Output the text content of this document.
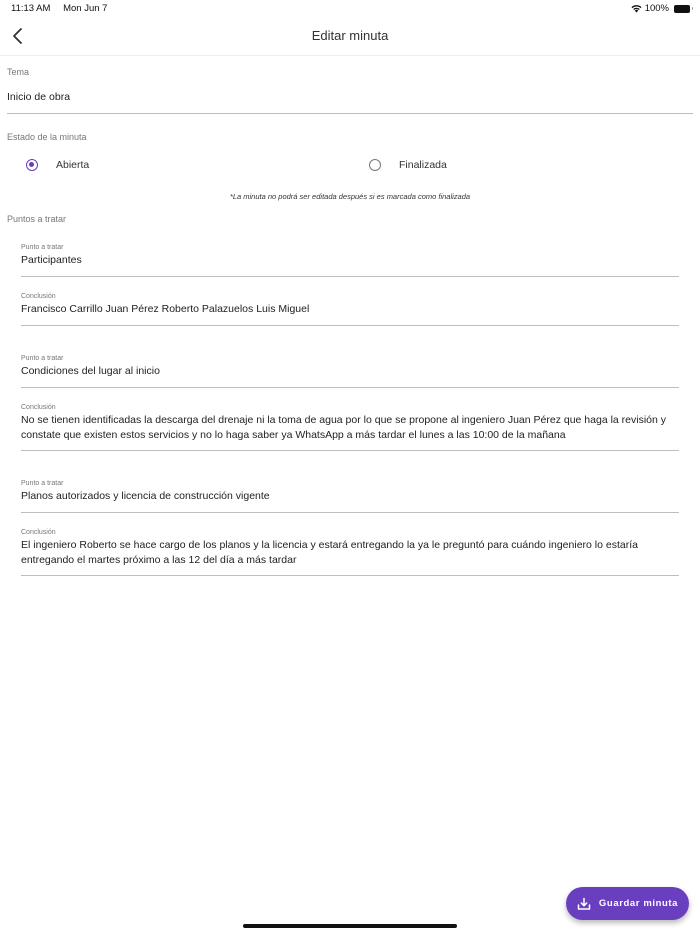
11:13 AM Mon Jun 7	100%
Editar minuta
Tema
Inicio de obra
Estado de la minuta
Abierta	Finalizada
*La minuta no podrá ser editada después si es marcada como finalizada
Puntos a tratar
Punto a tratar
Participantes
Conclusión
Francisco Carrillo Juan Pérez Roberto Palazuelos Luis Miguel
Punto a tratar
Condiciones del lugar al inicio
Conclusión
No se tienen identificadas la descarga del drenaje ni la toma de agua por lo que se propone al ingeniero Juan Pérez que haga la revisión y constate que existen estos servicios y no lo haga saber ya WhatsApp a más tardar el lunes a las 10:00 de la mañana
Punto a tratar
Planos autorizados y licencia de construcción vigente
Conclusión
El ingeniero Roberto se hace cargo de los planos y la licencia y estará entregando la ya le preguntó para cuándo ingeniero lo estaría entregando el martes próximo a las 12 del día a más tardar
Guardar minuta
